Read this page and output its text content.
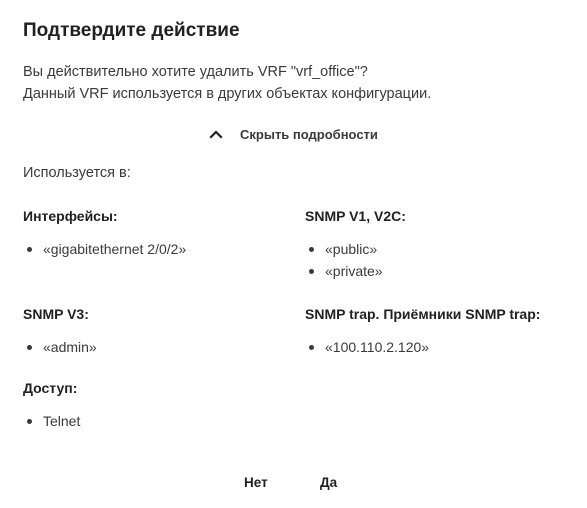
Подтвердите действие
Вы действительно хотите удалить VRF "vrf_office"?
Данный VRF используется в других объектах конфигурации.
Скрыть подробности
Используется в:
Интерфейсы:
«gigabitethernet 2/0/2»
SNMP V1, V2C:
«public»
«private»
SNMP V3:
«admin»
SNMP trap. Приёмники SNMP trap:
«100.110.2.120»
Доступ:
Telnet
Нет	Да
